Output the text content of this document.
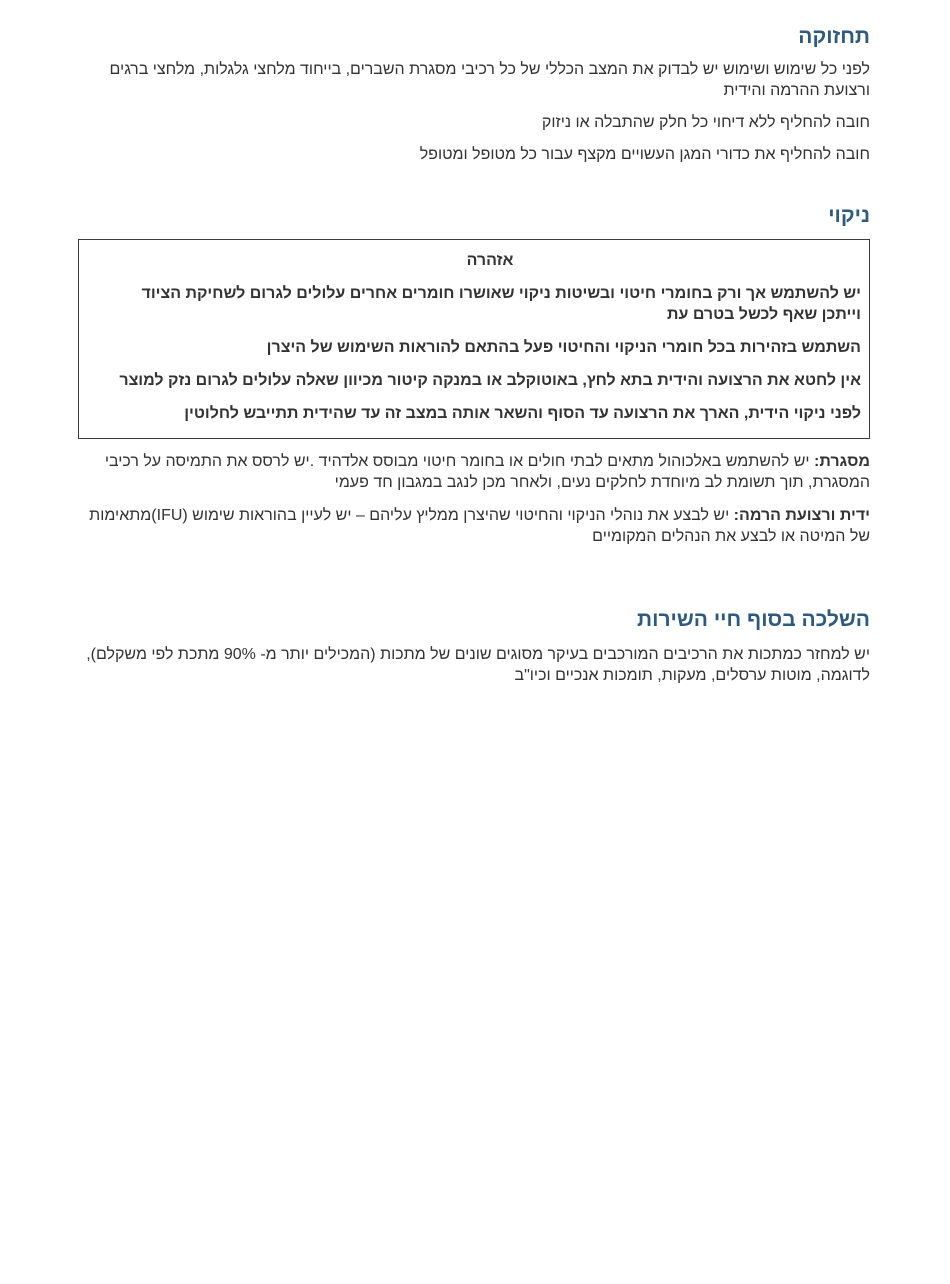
תחזוקה

לפני כל שימוש ושימוש יש לבדוק את המצב הכללי של כל רכיבי מסגרת השברים, בייחוד מלחצי גלגלות, מלחצי ברגים ורצועת ההרמה והידית

חובה להחליף ללא דיחוי כל חלק שהתבלה או ניזוק

חובה להחליף את כדורי המגן העשויים מקצף עבור כל מטופל ומטופל

ניקוי
אזהרה

יש להשתמש אך ורק בחומרי חיטוי ובשיטות ניקוי שאושרו חומרים אחרים עלולים לגרום לשחיקת הציוד וייתכן שאף לכשל בטרם עת

השתמש בזהירות בכל חומרי הניקוי והחיטוי פעל בהתאם להוראות השימוש של היצרן

אין לחטא את הרצועה והידית בתא לחץ, באוטוקלב או במנקה קיטור מכיוון שאלה עלולים לגרום נזק למוצר

לפני ניקוי הידית, הארך את הרצועה עד הסוף והשאר אותה במצב זה עד שהידית תתייבש לחלוטין

מסגרת: יש להשתמש באלכוהול מתאים לבתי חולים או בחומר חיטוי מבוסס אלדהיד .יש לרסס את התמיסה על רכיבי המסגרת, תוך תשומת לב מיוחדת לחלקים נעים, ולאחר מכן לנגב במגבון חד פעמי

ידית ורצועת הרמה: יש לבצע את נוהלי הניקוי והחיטוי שהיצרן ממליץ עליהם – יש לעיין בהוראות שימוש (IFU)מתאימות של המיטה או לבצע את הנהלים המקומיים

השלכה בסוף חיי השירות

יש למחזר כמתכות את הרכיבים המורכבים בעיקר מסוגים שונים של מתכות (המכילים יותר מ- 90% מתכת לפי משקלם), לדוגמה, מוטות ערסלים, מעקות, תומכות אנכיים וכיו"ב
